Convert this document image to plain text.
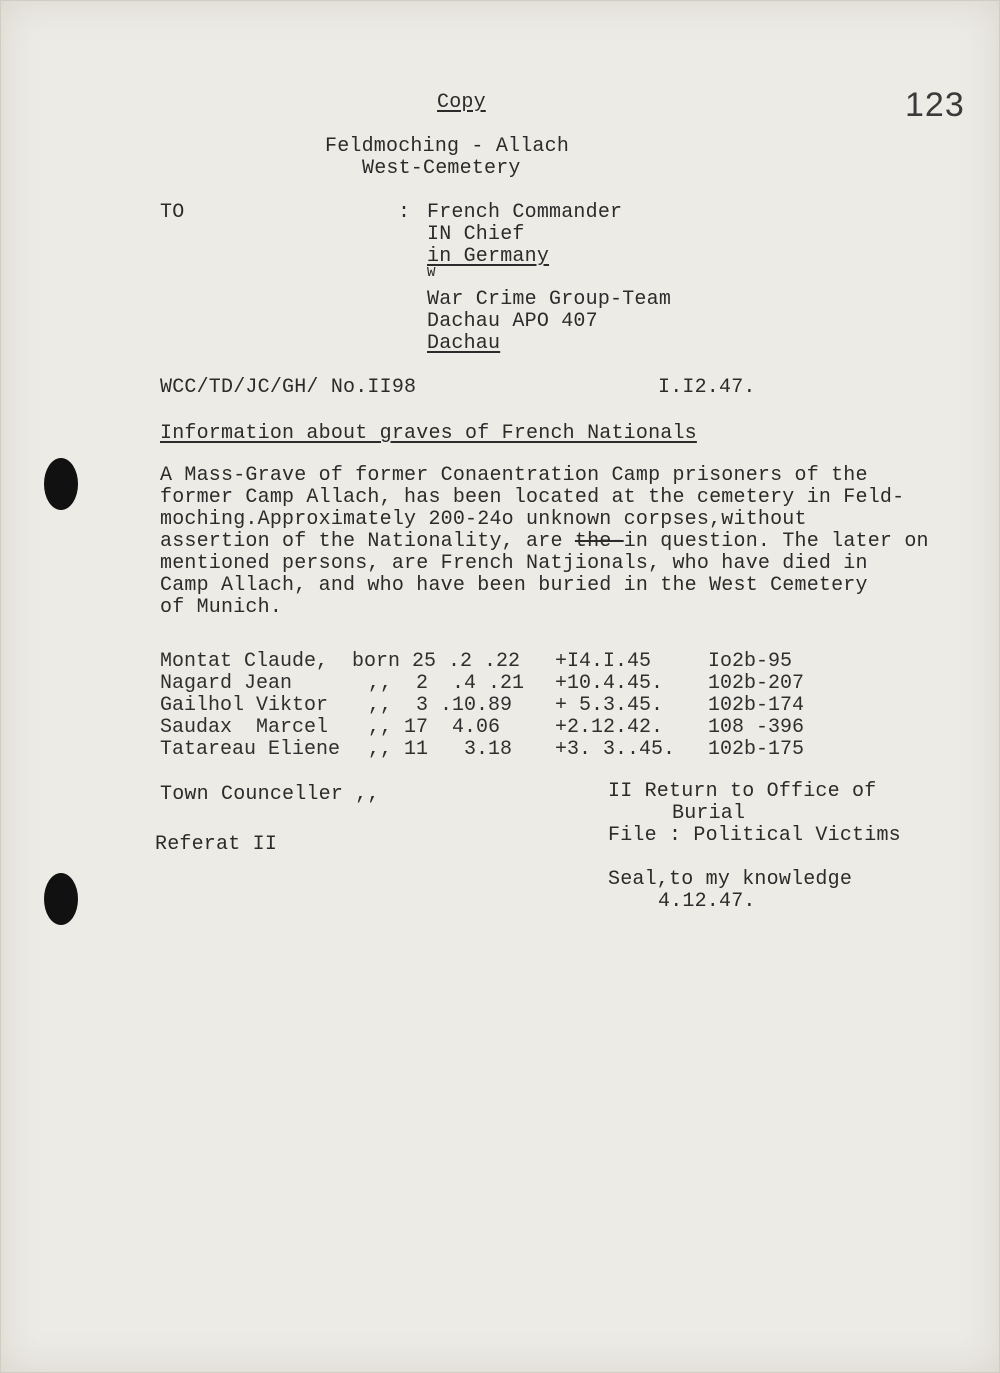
123
Copy
Feldmoching - Allach
West-Cemetery
TO	: French Commander
IN Chief
in Germany
W
War Crime Group-Team
Dachau APO 407
Dachau
WCC/TD/JC/GH/ No.II98	I.I2.47.
Information about graves of French Nationals
A Mass-Grave of former Conaentration Camp prisoners of the
former Camp Allach, has been located at the cemetery in Feld-
moching.Approximately 200-24o unknown corpses,without
assertion of the Nationality, are the-in question. The later on
mentioned persons, are French Natjionals, who have died in
Camp Allach, and who have been buried in the West Cemetery
of Munich.
Montat Claude, born 25 .2 .22 +I4.I.45	Io2b-95
Nagard Jean	,,  2  .4 .21 +10.4.45. 102b-207
Gailhol Viktor ,,  3 .10.89 + 5.3.45. 102b-174
Saudax  Marcel ,, 17  4.06	+2.12.42. 108 -396
Tatareau Eliene ,, 11   3.18 +3. 3..45. 102b-175
Town Counceller ,,
Referat II
II Return to Office of
Burial
File : Political Victims
Seal,to my knowledge
4.12.47.
